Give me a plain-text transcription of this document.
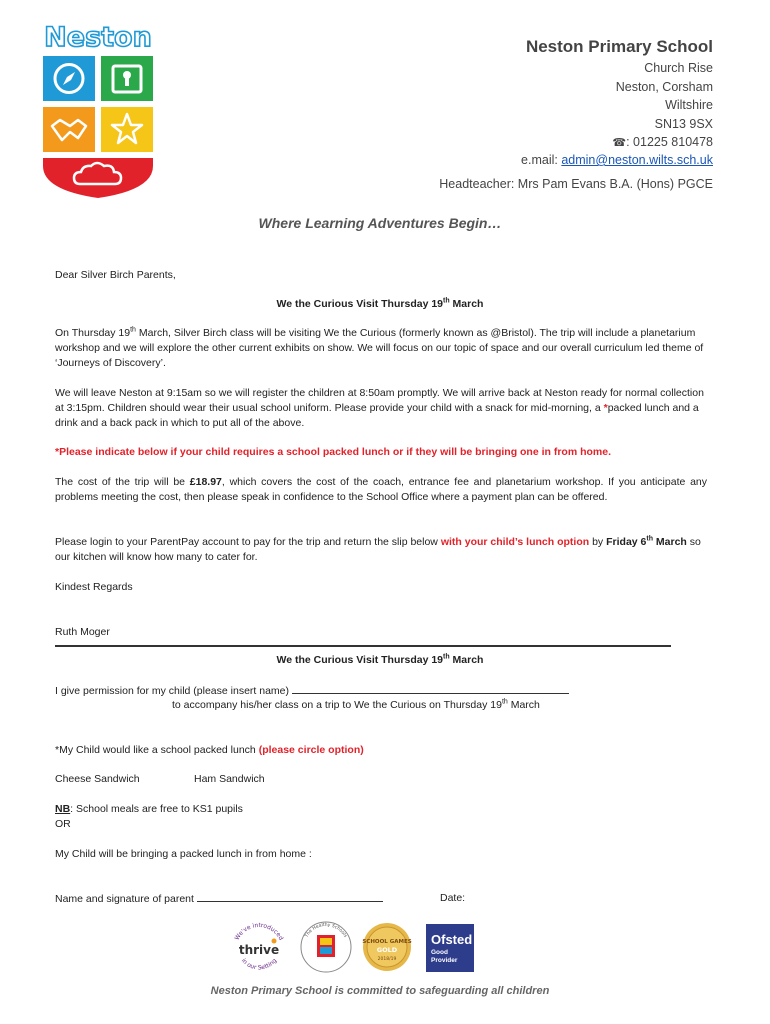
Neston	Neston Primary School
Church Rise
Neston, Corsham
Wiltshire
SN13 9SX
☎: 01225 810478
e.mail: admin@neston.wilts.sch.uk
Headteacher: Mrs Pam Evans B.A. (Hons) PGCE
Where Learning Adventures Begin…
Dear Silver Birch Parents,
We the Curious Visit Thursday 19th March
On Thursday 19th March, Silver Birch class will be visiting We the Curious (formerly known as @Bristol). The trip will include a planetarium workshop and we will explore the other current exhibits on show. We will focus on our topic of space and our overall curriculum led theme of ‘Journeys of Discovery’.
We will leave Neston at 9:15am so we will register the children at 8:50am promptly. We will arrive back at Neston ready for normal collection at 3:15pm. Children should wear their usual school uniform. Please provide your child with a snack for mid-morning, a *packed lunch and a drink and a back pack in which to put all of the above.
*Please indicate below if your child requires a school packed lunch or if they will be bringing one in from home.
The cost of the trip will be £18.97, which covers the cost of the coach, entrance fee and planetarium workshop. If you anticipate any problems meeting the cost, then please speak in confidence to the School Office where a payment plan can be offered.
Please login to your ParentPay account to pay for the trip and return the slip below with your child’s lunch option by Friday 6th March so our kitchen will know how many to cater for.
Kindest Regards
Ruth Moger
We the Curious Visit Thursday 19th March
I give permission for my child (please insert name)
to accompany his/her class on a trip to We the Curious on Thursday 19th March
*My Child would like a school packed lunch (please circle option)
Cheese Sandwich	Ham Sandwich
NB: School meals are free to KS1 pupils
OR
My Child will be bringing a packed lunch in from home :
Name and signature of parent	Date:
We've introduced
thrive
in our Setting
The Healthy Schools
SCHOOL GAMES
GOLD
2018/19
Ofsted
Good
Provider
Neston Primary School is committed to safeguarding all children
